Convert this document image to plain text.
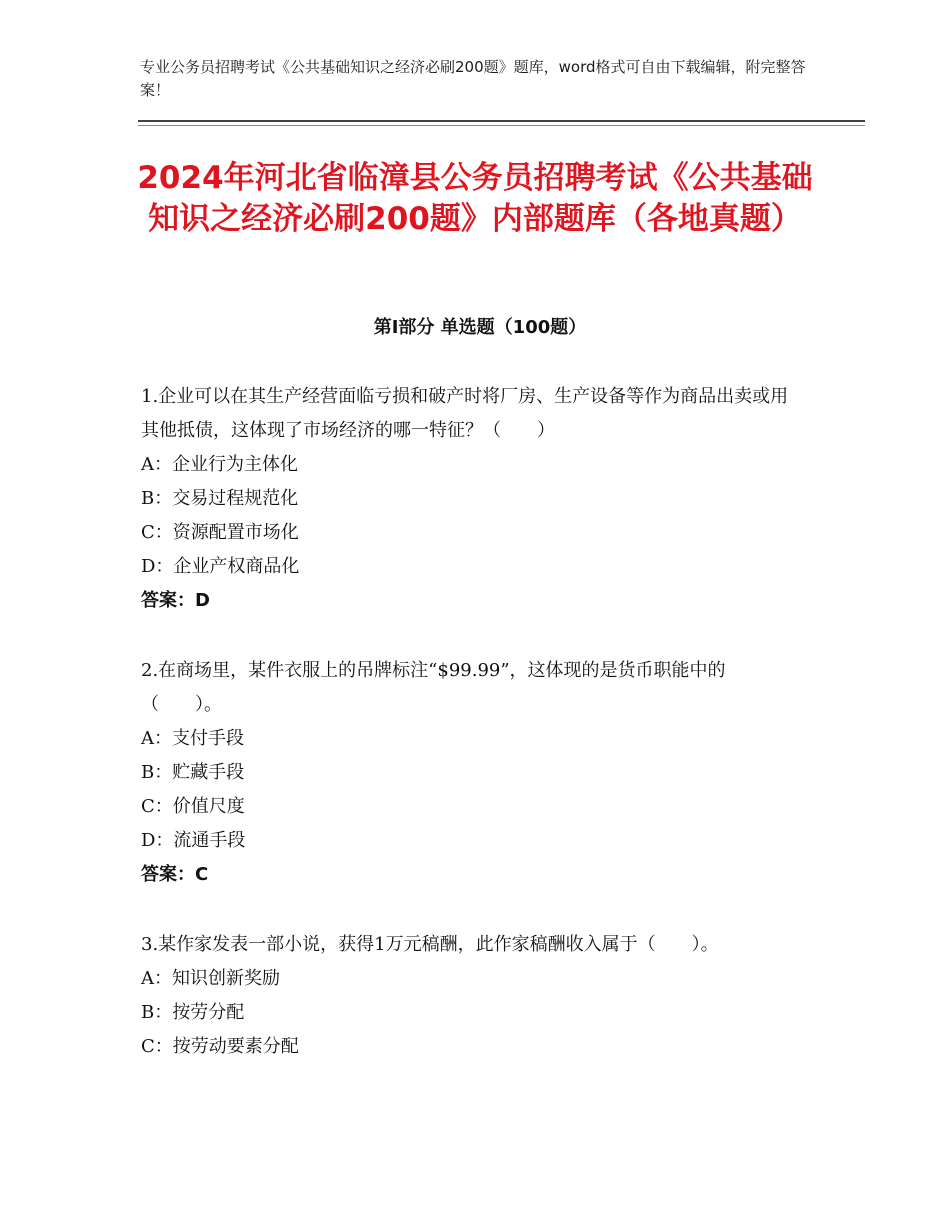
专业公务员招聘考试《公共基础知识之经济必刷200题》题库，word格式可自由下载编辑，附完整答案！
2024年河北省临漳县公务员招聘考试《公共基础知识之经济必刷200题》内部题库（各地真题）
第Ⅰ部分 单选题（100题）

1.企业可以在其生产经营面临亏损和破产时将厂房、生产设备等作为商品出卖或用其他抵债，这体现了市场经济的哪一特征？（　　）

A：企业行为主体化

B：交易过程规范化

C：资源配置市场化

D：企业产权商品化

答案：D

2.在商场里，某件衣服上的吊牌标注“$99.99”，这体现的是货币职能中的（　　）。

A：支付手段

B：贮藏手段

C：价值尺度

D：流通手段

答案：C

3.某作家发表一部小说，获得1万元稿酬，此作家稿酬收入属于（　　）。

A：知识创新奖励

B：按劳分配

C：按劳动要素分配
